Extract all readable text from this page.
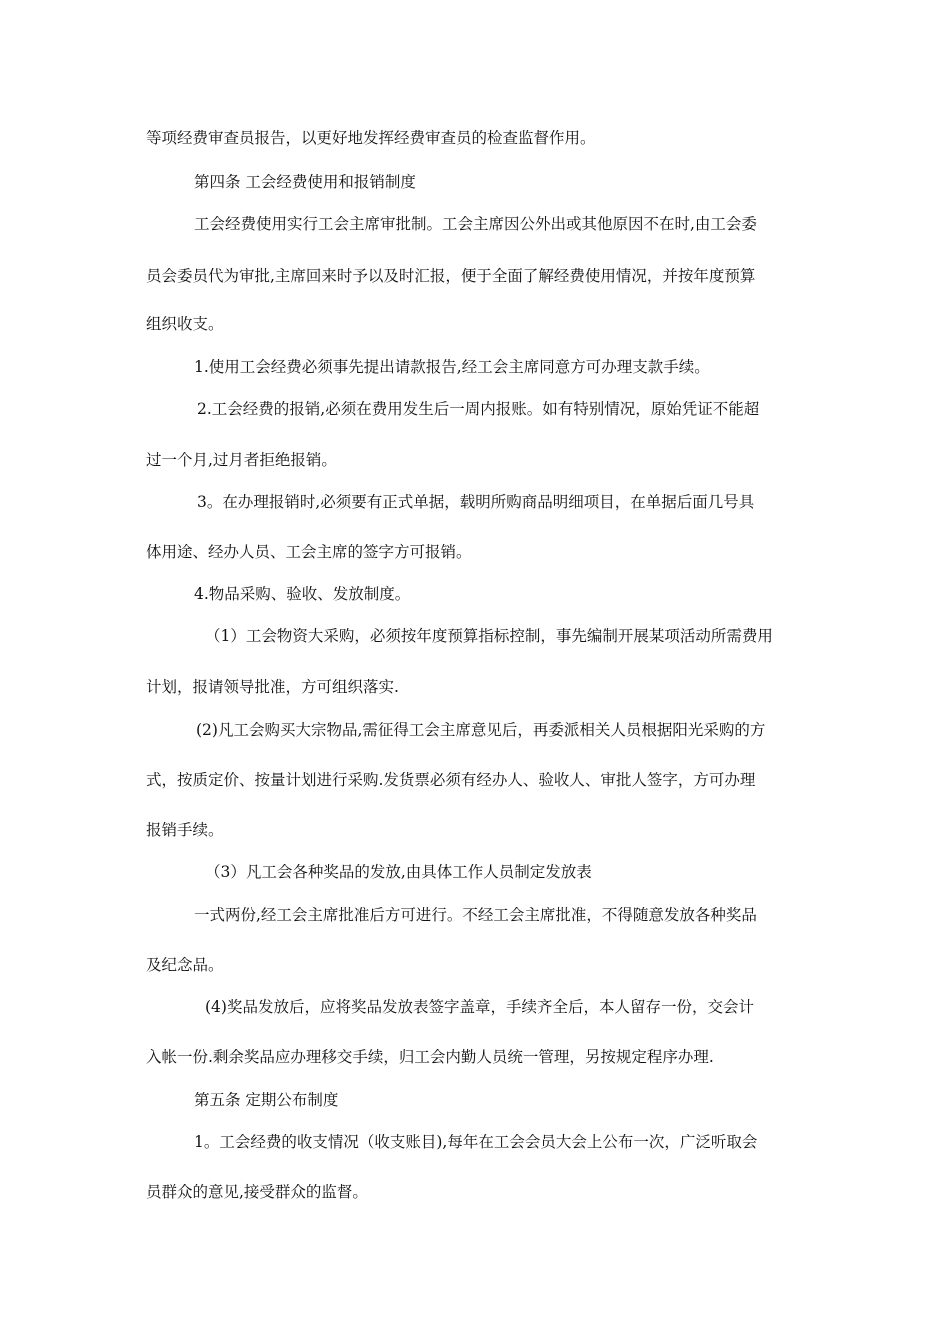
等项经费审查员报告，以更好地发挥经费审查员的检查监督作用。

第四条 工会经费使用和报销制度

工会经费使用实行工会主席审批制。工会主席因公外出或其他原因不在时,由工会委

员会委员代为审批,主席回来时予以及时汇报，便于全面了解经费使用情况，并按年度预算

组织收支。

1.使用工会经费必须事先提出请款报告,经工会主席同意方可办理支款手续。

2.工会经费的报销,必须在费用发生后一周内报账。如有特别情况，原始凭证不能超

过一个月,过月者拒绝报销。

3。在办理报销时,必须要有正式单据，载明所购商品明细项目，在单据后面几号具

体用途、经办人员、工会主席的签字方可报销。

4.物品采购、验收、发放制度。

（1）工会物资大采购，必须按年度预算指标控制，事先编制开展某项活动所需费用

计划，报请领导批准，方可组织落实.

(2)凡工会购买大宗物品,需征得工会主席意见后，再委派相关人员根据阳光采购的方

式，按质定价、按量计划进行采购.发货票必须有经办人、验收人、审批人签字，方可办理

报销手续。

（3）凡工会各种奖品的发放,由具体工作人员制定发放表

一式两份,经工会主席批准后方可进行。不经工会主席批准，不得随意发放各种奖品

及纪念品。

(4)奖品发放后，应将奖品发放表签字盖章，手续齐全后，本人留存一份，交会计

入帐一份.剩余奖品应办理移交手续，归工会内勤人员统一管理，另按规定程序办理.

第五条 定期公布制度

1。工会经费的收支情况（收支账目),每年在工会会员大会上公布一次，广泛听取会

员群众的意见,接受群众的监督。
